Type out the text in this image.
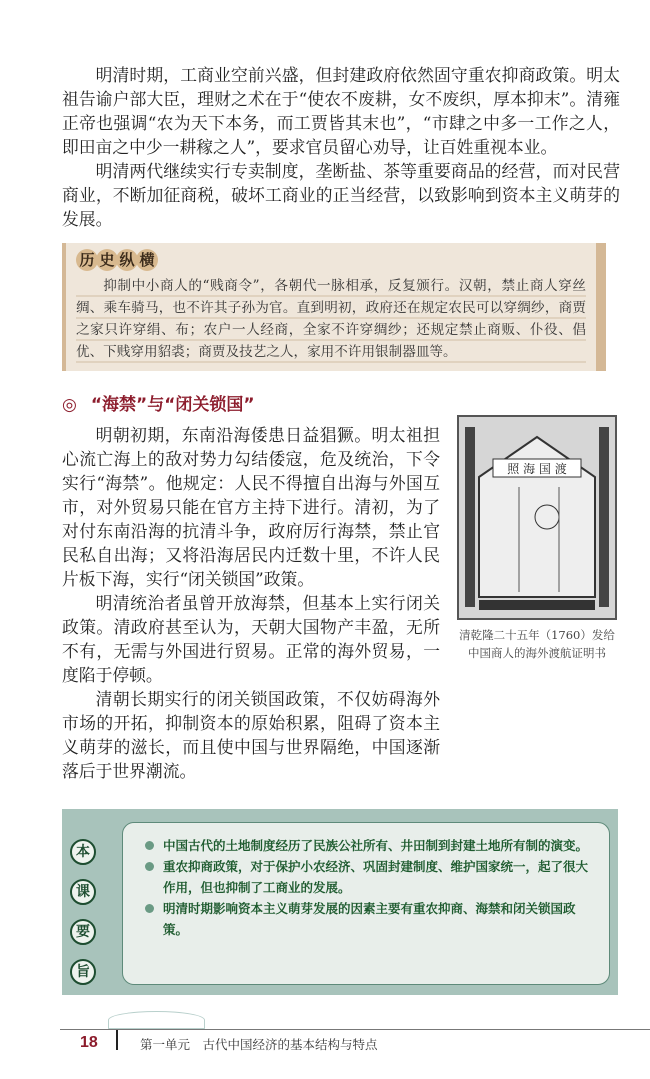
明清时期，工商业空前兴盛，但封建政府依然固守重农抑商政策。明太祖告谕户部大臣，理财之术在于“使农不废耕，女不废织，厚本抑末”。清雍正帝也强调“农为天下本务，而工贾皆其末也”，“市肆之中多一工作之人，即田亩之中少一耕稼之人”，要求官员留心劝导，让百姓重视本业。

明清两代继续实行专卖制度，垄断盐、茶等重要商品的经营，而对民营商业，不断加征商税，破坏工商业的正当经营，以致影响到资本主义萌芽的发展。

历 史 纵 横
抑制中小商人的“贱商令”，各朝代一脉相承，反复颁行。汉朝，禁止商人穿丝绸、乘车骑马，也不许其子孙为官。直到明初，政府还在规定农民可以穿绸纱，商贾之家只许穿绢、布；农户一人经商，全家不许穿绸纱；还规定禁止商贩、仆役、倡优、下贱穿用貂裘；商贾及技艺之人，家用不许用银制器皿等。
◎ “海禁”与“闭关锁国”

明朝初期，东南沿海倭患日益猖獗。明太祖担心流亡海上的敌对势力勾结倭寇，危及统治，下令实行“海禁”。他规定：人民不得擅自出海与外国互市，对外贸易只能在官方主持下进行。清初，为了对付东南沿海的抗清斗争，政府厉行海禁，禁止官民私自出海；又将沿海居民内迁数十里，不许人民片板下海，实行“闭关锁国”政策。

明清统治者虽曾开放海禁，但基本上实行闭关政策。清政府甚至认为，天朝大国物产丰盈，无所不有，无需与外国进行贸易。正常的海外贸易，一度陷于停顿。

清朝长期实行的闭关锁国政策，不仅妨碍海外市场的开拓，抑制资本的原始积累，阻碍了资本主义萌芽的滋长，而且使中国与世界隔绝，中国逐渐落后于世界潮流。

照 海 国 渡
清乾隆二十五年（1760）发给
中国商人的海外渡航证明书
本
课
要
旨
中国古代的土地制度经历了民族公社所有、井田制到封建土地所有制的演变。
重农抑商政策，对于保护小农经济、巩固封建制度、维护国家统一，起了很大作用，但也抑制了工商业的发展。
明清时期影响资本主义萌芽发展的因素主要有重农抑商、海禁和闭关锁国政策。
18	第一单元　古代中国经济的基本结构与特点
